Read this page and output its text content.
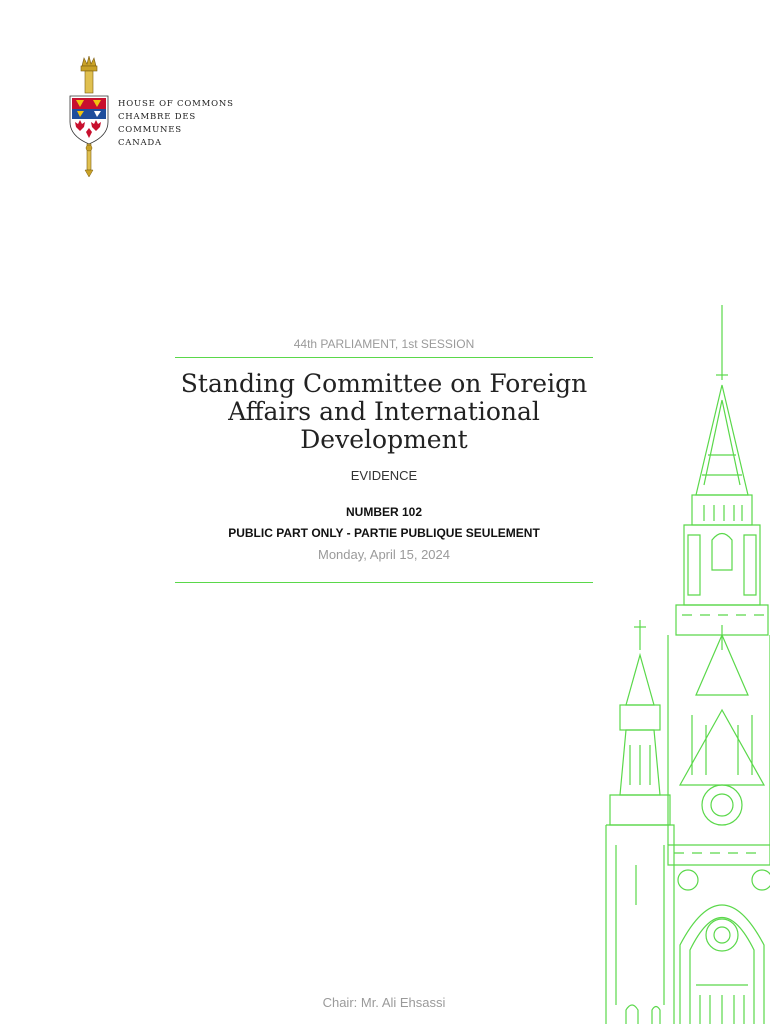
HOUSE OF COMMONS
CHAMBRE DES COMMUNES
CANADA
44th PARLIAMENT, 1st SESSION
Standing Committee on Foreign Affairs and International Development
EVIDENCE
NUMBER 102
PUBLIC PART ONLY - PARTIE PUBLIQUE SEULEMENT
Monday, April 15, 2024
Chair: Mr. Ali Ehsassi
